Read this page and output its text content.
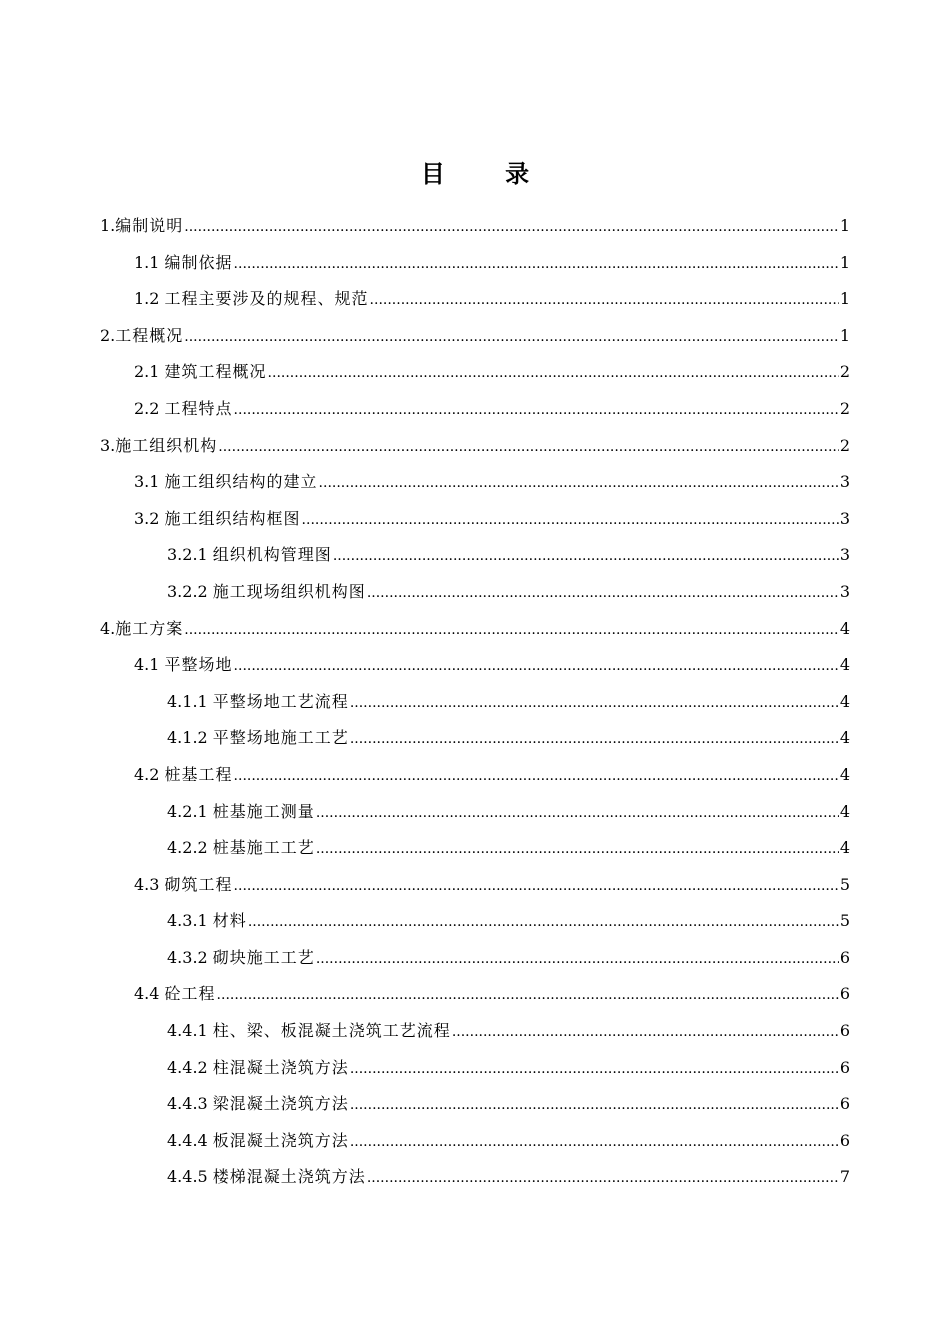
目 录
1. 编制说明 .....	1
1.1 编制依据 .....	1
1.2 工程主要涉及的规程、规范 .....	1
2. 工程概况 .....	1
2.1 建筑工程概况 .....	2
2.2 工程特点 .....	2
3. 施工组织机构 .....	2
3.1 施工组织结构的建立 .....	3
3.2 施工组织结构框图 .....	3
3.2.1 组织机构管理图 .....	3
3.2.2 施工现场组织机构图 .....	3
4. 施工方案 .....	4
4.1 平整场地 .....	4
4.1.1 平整场地工艺流程 .....	4
4.1.2 平整场地施工工艺 .....	4
4.2 桩基工程 .....	4
4.2.1 桩基施工测量 .....	4
4.2.2 桩基施工工艺 .....	4
4.3 砌筑工程 .....	5
4.3.1 材料 .....	5
4.3.2 砌块施工工艺 .....	6
4.4 砼工程 .....	6
4.4.1 柱、梁、板混凝土浇筑工艺流程 .....	6
4.4.2 柱混凝土浇筑方法 .....	6
4.4.3 梁混凝土浇筑方法 .....	6
4.4.4 板混凝土浇筑方法 .....	6
4.4.5 楼梯混凝土浇筑方法 .....	7
